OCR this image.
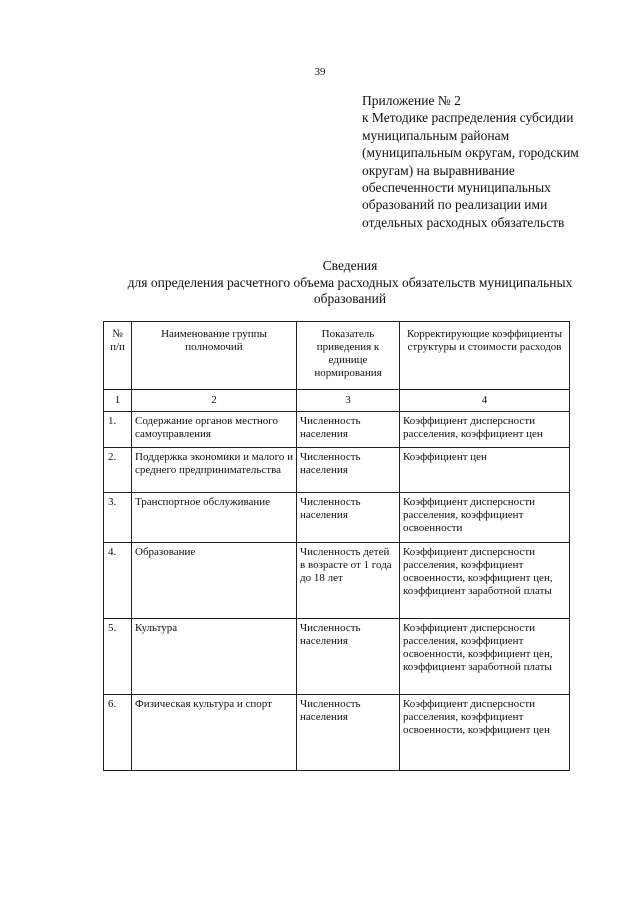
39
Приложение № 2
к Методике распределения субсидии
муниципальным районам
(муниципальным округам, городским
округам) на выравнивание
обеспеченности муниципальных
образований по реализации ими
отдельных расходных обязательств
Сведения
для определения расчетного объема расходных обязательств муниципальных
образований
№ п/п	Наименование группы полномочий	Показатель приведения к единице нормирования	Корректирующие коэффициенты структуры и стоимости расходов
1	2	3	4
1.	Содержание органов местного самоуправления	Численность населения	Коэффициент дисперсности расселения, коэффициент цен
2.	Поддержка экономики и малого и среднего предпринимательства	Численность населения	Коэффициент цен
3.	Транспортное обслуживание	Численность населения	Коэффициент дисперсности расселения, коэффициент освоенности
4.	Образование	Численность детей в возрасте от 1 года до 18 лет	Коэффициент дисперсности расселения, коэффициент освоенности, коэффициент цен, коэффициент заработной платы
5.	Культура	Численность населения	Коэффициент дисперсности расселения, коэффициент освоенности, коэффициент цен, коэффициент заработной платы
6.	Физическая культура и спорт	Численность населения	Коэффициент дисперсности расселения, коэффициент освоенности, коэффициент цен
